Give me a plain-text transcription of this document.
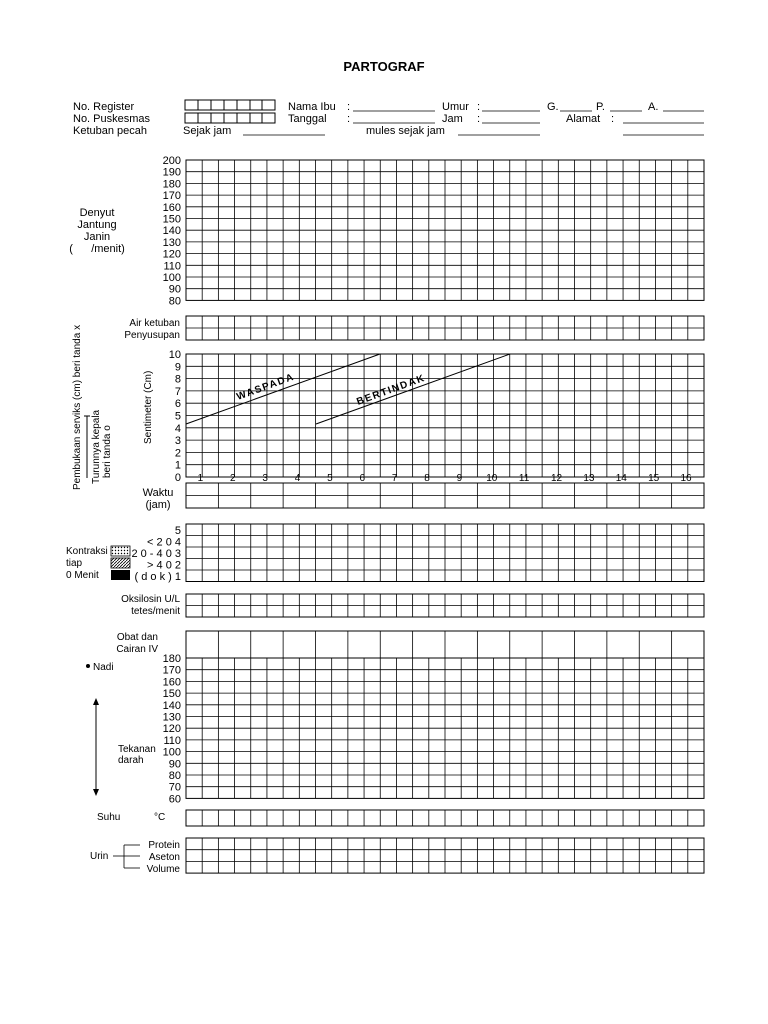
PARTOGRAF
No. Register
No. Puskesmas
Ketuban pecah	Sejak jam
Nama Ibu :
Tanggal :
mules sejak jam
Umur :
Jam :
G.	P.	A.
Alamat :
Denyut
Jantung
Janin
(      /menit)
200
190
180
170
160
150
140
130
120
110
100
90
80
Air ketuban
Penyusupan
Pembukaan serviks (cm) beri tanda x Turunnya kepala beri tanda o
Sentimeter (Cm)
10
9
8
7
6
5
4
3
2
1
0
WASPADA	BERTINDAK
1	2	3	4	5	6	7	8	9 10 11 12 13 14 15 16
Waktu
(jam)
Kontraksi
tiap
0 Menit
5
< 2 0 4
2 0 - 4 0 3
> 4 0 2
( d o k ) 1
Oksilosin U/L
tetes/menit
Obat dan
Cairan IV
Nadi
Tekanan
darah
180
170
160
150
140
130
120
110
100
90
80
70
60
Suhu	°C
Urin
Protein
Aseton
Volume
